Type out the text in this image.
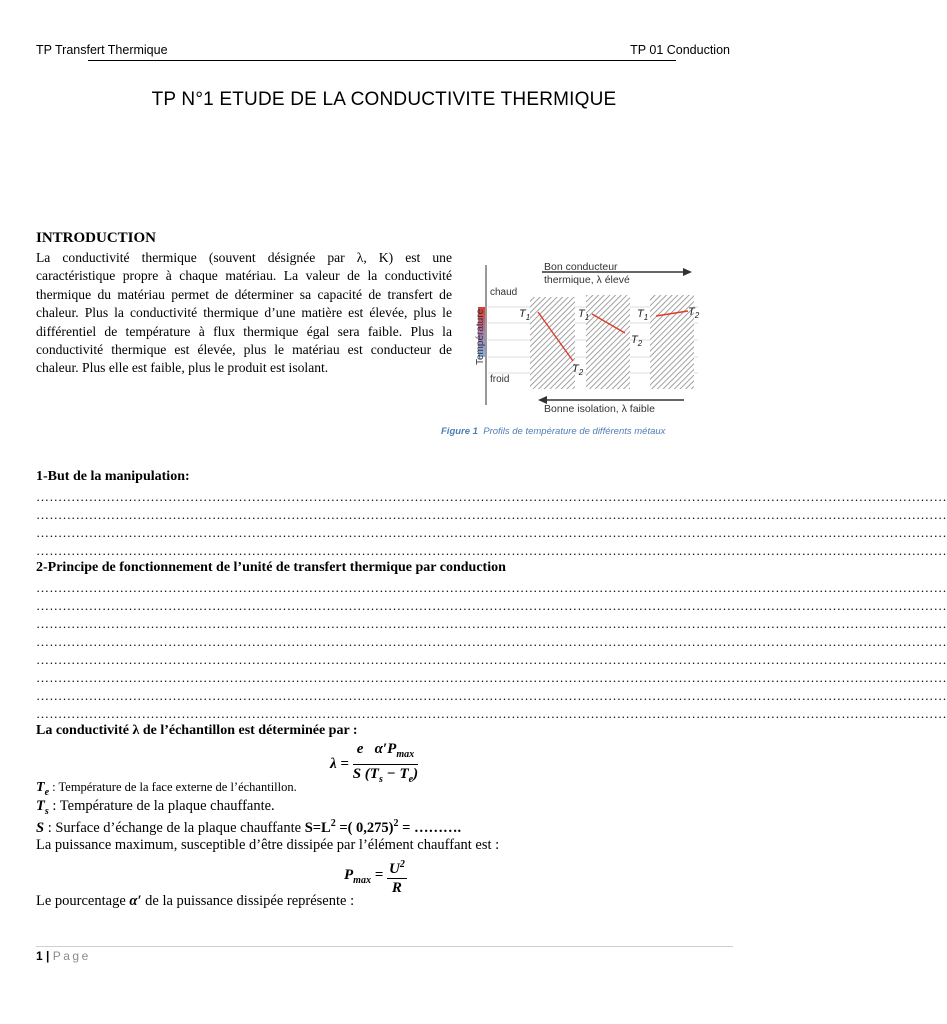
TP Transfert Thermique	TP 01 Conduction
TP N°1 ETUDE DE LA CONDUCTIVITE THERMIQUE
INTRODUCTION
La conductivité thermique (souvent désignée par λ, K) est une caractéristique propre à chaque matériau. La valeur de la conductivité thermique du matériau permet de déterminer sa capacité de transfert de chaleur. Plus la conductivité thermique d’une matière est élevée, plus le différentiel de température à flux thermique égal sera faible. Plus la conductivité thermique est élevée, plus le matériau est conducteur de chaleur. Plus elle est faible, plus le produit est isolant.
Bon conducteur
thermique, λ élevé
Température
chaud
froid
$T_1$
$T_2$
$T_1$
$T_2$
$T_1$	$T_2$
Bonne isolation, λ faible
Figure 1 Profils de température de différents métaux
1-But de la manipulation:
………………………………………………………………………………………………………………………………………………………………………………………
………………………………………………………………………………………………………………………………………………………………………………………
………………………………………………………………………………………………………………………………………………………………………………………
………………………………………………………………………………………………………………………………………………………………………………………
2-Principe de fonctionnement de l’unité de transfert thermique par conduction
………………………………………………………………………………………………………………………………………………………………………………………
………………………………………………………………………………………………………………………………………………………………………………………
………………………………………………………………………………………………………………………………………………………………………………………
………………………………………………………………………………………………………………………………………………………………………………………
………………………………………………………………………………………………………………………………………………………………………………………
………………………………………………………………………………………………………………………………………………………………………………………
………………………………………………………………………………………………………………………………………………………………………………………
………………………………………………………………………………………………………………………………………………………………………………………
La conductivité λ de l’échantillon est déterminée par :
$\lambda = \frac{e \alpha'P_{max}}{S (T_s - T_e)}$
$T_e$ : Température de la face externe de l’échantillon.
$T_s$ : Température de la plaque chauffante.
S : Surface d’échange de la plaque chauffante $S=L^2$ =( 0,275)$^2$ = ……….
La puissance maximum, susceptible d’être dissipée par l’élément chauffant est :
$P_{max} = \frac{U^2}{R}$
Le pourcentage α′ de la puissance dissipée représente :
1 | Page
